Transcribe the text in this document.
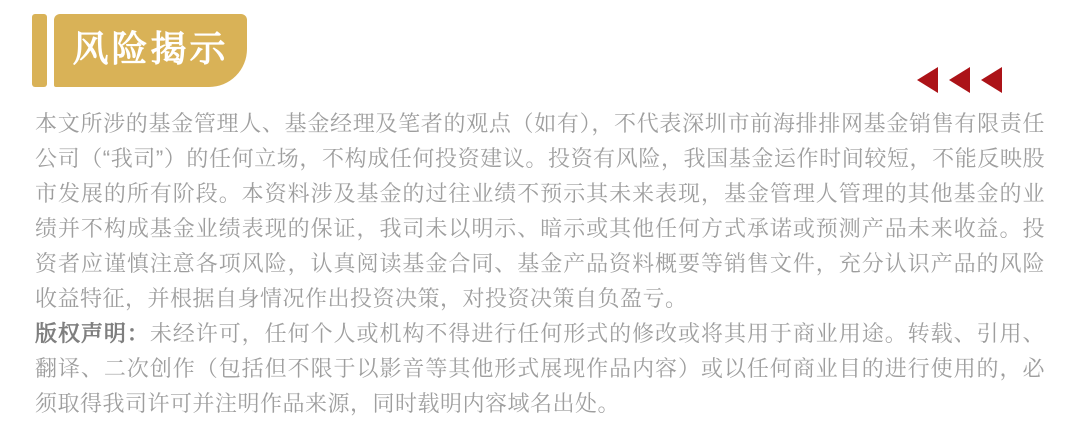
风险揭示

本文所涉的基金管理人、基金经理及笔者的观点（如有），不代表深圳市前海排排网基金销售有限责任公司（“我司”）的任何立场，不构成任何投资建议。投资有风险，我国基金运作时间较短，不能反映股市发展的所有阶段。本资料涉及基金的过往业绩不预示其未来表现，基金管理人管理的其他基金的业绩并不构成基金业绩表现的保证，我司未以明示、暗示或其他任何方式承诺或预测产品未来收益。投资者应谨慎注意各项风险，认真阅读基金合同、基金产品资料概要等销售文件，充分认识产品的风险收益特征，并根据自身情况作出投资决策，对投资决策自负盈亏。

版权声明：未经许可，任何个人或机构不得进行任何形式的修改或将其用于商业用途。转载、引用、翻译、二次创作（包括但不限于以影音等其他形式展现作品内容）或以任何商业目的进行使用的，必须取得我司许可并注明作品来源，同时载明内容域名出处。
